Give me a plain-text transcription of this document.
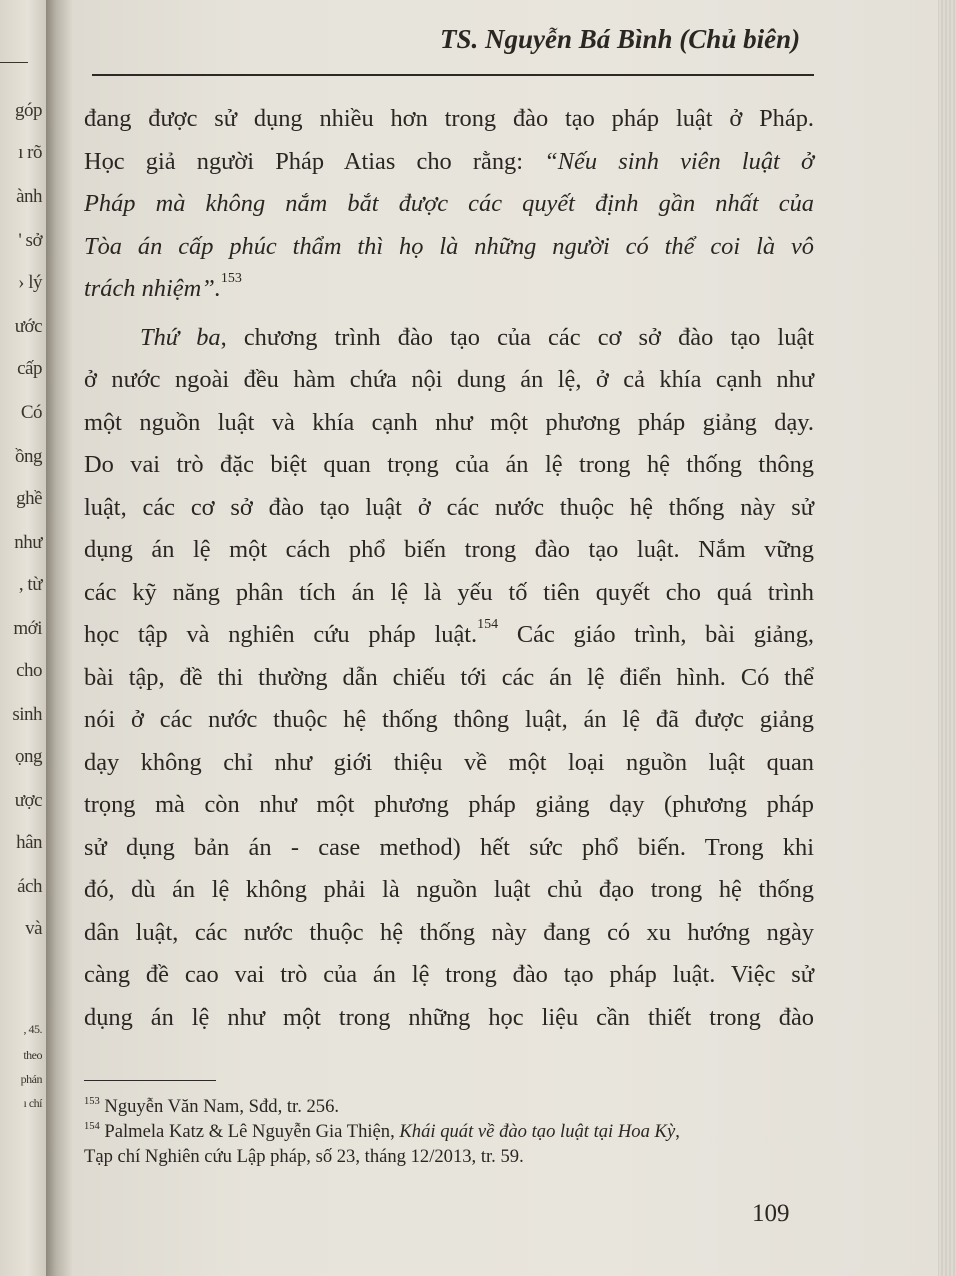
góp
ı rõ
ành
' sở
› lý
ước
cấp
Có
ồng
ghề
như
, từ
mới
cho
sinh
ọng
ược
hân
ách
và
, 45.
theo
phán
ı chí
TS. Nguyễn Bá Bình (Chủ biên)
đang được sử dụng nhiều hơn trong đào tạo pháp luật ở Pháp.
Học giả người Pháp Atias cho rằng: “Nếu sinh viên luật ở
Pháp mà không nắm bắt được các quyết định gần nhất của
Tòa án cấp phúc thẩm thì họ là những người có thể coi là vô
trách nhiệm”.$^{153}$
Thứ ba, chương trình đào tạo của các cơ sở đào tạo luật
ở nước ngoài đều hàm chứa nội dung án lệ, ở cả khía cạnh như
một nguồn luật và khía cạnh như một phương pháp giảng dạy.
Do vai trò đặc biệt quan trọng của án lệ trong hệ thống thông
luật, các cơ sở đào tạo luật ở các nước thuộc hệ thống này sử
dụng án lệ một cách phổ biến trong đào tạo luật. Nắm vững
các kỹ năng phân tích án lệ là yếu tố tiên quyết cho quá trình
học tập và nghiên cứu pháp luật.$^{154}$ Các giáo trình, bài giảng,
bài tập, đề thi thường dẫn chiếu tới các án lệ điển hình. Có thể
nói ở các nước thuộc hệ thống thông luật, án lệ đã được giảng
dạy không chỉ như giới thiệu về một loại nguồn luật quan
trọng mà còn như một phương pháp giảng dạy (phương pháp
sử dụng bản án - case method) hết sức phổ biến. Trong khi
đó, dù án lệ không phải là nguồn luật chủ đạo trong hệ thống
dân luật, các nước thuộc hệ thống này đang có xu hướng ngày
càng đề cao vai trò của án lệ trong đào tạo pháp luật. Việc sử
dụng án lệ như một trong những học liệu cần thiết trong đào
$^{153}$ Nguyễn Văn Nam, Sđd, tr. 256.
$^{154}$ Palmela Katz & Lê Nguyễn Gia Thiện, Khái quát về đào tạo luật tại Hoa Kỳ,
Tạp chí Nghiên cứu Lập pháp, số 23, tháng 12/2013, tr. 59.
109
